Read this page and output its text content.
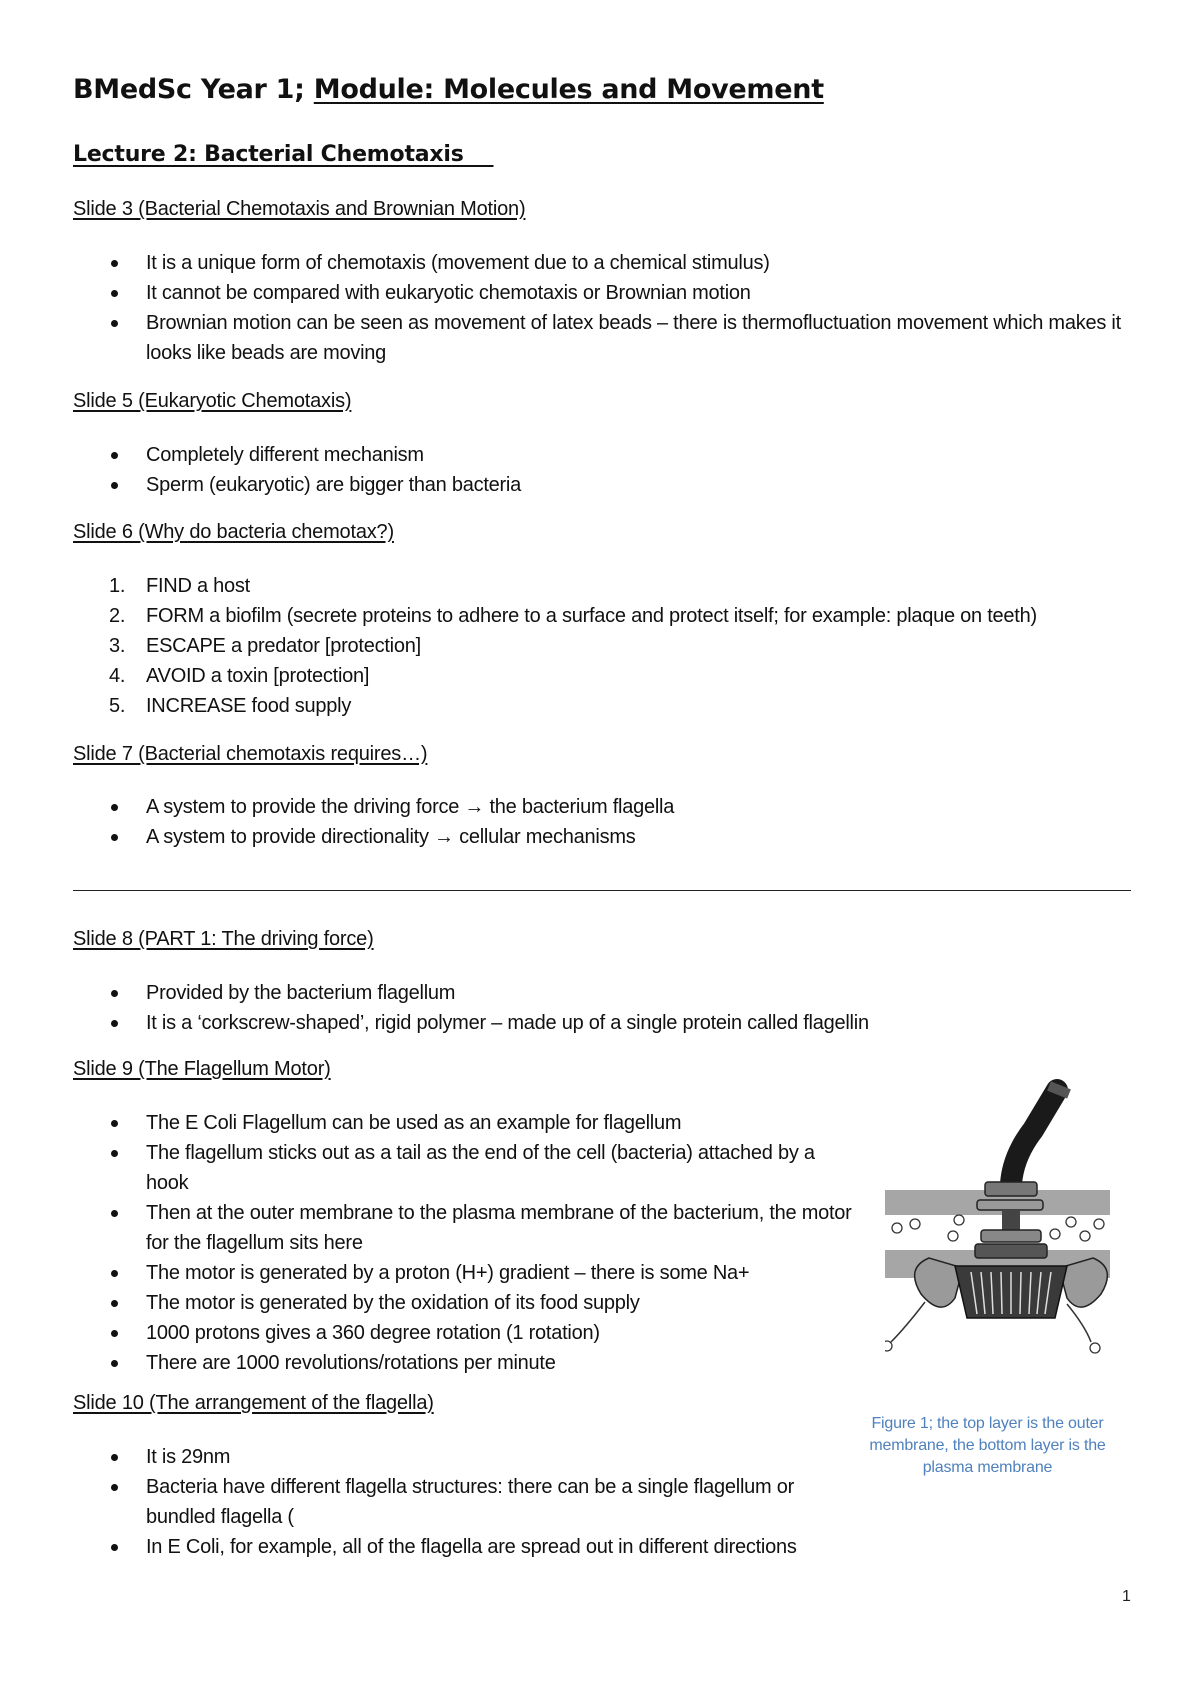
BMedSc Year 1; Module: Molecules and Movement
Lecture 2: Bacterial Chemotaxis
Slide 3 (Bacterial Chemotaxis and Brownian Motion)
It is a unique form of chemotaxis (movement due to a chemical stimulus)
It cannot be compared with eukaryotic chemotaxis or Brownian motion
Brownian motion can be seen as movement of latex beads – there is thermofluctuation movement which makes it looks like beads are moving
Slide 5 (Eukaryotic Chemotaxis)
Completely different mechanism
Sperm (eukaryotic) are bigger than bacteria
Slide 6 (Why do bacteria chemotax?)
1. FIND a host
2. FORM a biofilm (secrete proteins to adhere to a surface and protect itself; for example: plaque on teeth)
3. ESCAPE a predator [protection]
4. AVOID a toxin [protection]
5. INCREASE food supply
Slide 7 (Bacterial chemotaxis requires…)
A system to provide the driving force → the bacterium flagella
A system to provide directionality → cellular mechanisms
Slide 8 (PART 1: The driving force)
Provided by the bacterium flagellum
It is a ‘corkscrew-shaped’, rigid polymer – made up of a single protein called flagellin
Slide 9 (The Flagellum Motor)
The E Coli Flagellum can be used as an example for flagellum
The flagellum sticks out as a tail as the end of the cell (bacteria) attached by a hook
Then at the outer membrane to the plasma membrane of the bacterium, the motor for the flagellum sits here
The motor is generated by a proton (H+) gradient – there is some Na+
The motor is generated by the oxidation of its food supply
1000 protons gives a 360 degree rotation (1 rotation)
There are 1000 revolutions/rotations per minute
Slide 10 (The arrangement of the flagella)
It is 29nm
Bacteria have different flagella structures: there can be a single flagellum or bundled flagella (
In E Coli, for example, all of the flagella are spread out in different directions

Figure 1; the top layer is the outer membrane, the bottom layer is the plasma membrane

1
